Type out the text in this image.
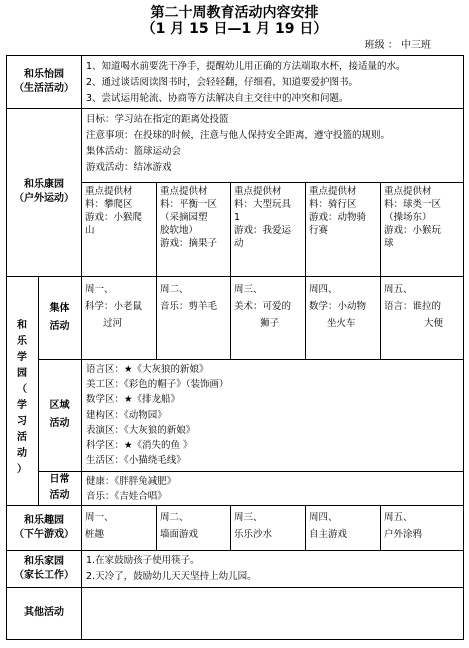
第二十周教育活动内容安排
（1 月 15 日—1 月 19 日）
班级 ： 中三班
和乐怡园
（生活活动）
1、知道喝水前要洗干净手，提醒幼儿用正确的方法端取水杯，接适量的水。
2、通过谈话阅读图书时，会轻轻翻，仔细看，知道要爱护图书。
3、尝试运用轮流、协商等方法解决自主交往中的冲突和问题。
和乐康园
（户外运动）
目标：学习站在指定的距离处投篮
注意事项：在投球的时候，注意与他人保持安全距离，遵守投篮的规则。
集体活动：篮球运动会
游戏活动：结冰游戏
重点提供材
料：攀爬区
游戏：小猴爬
山
重点提供材
料：平衡一区
（采摘园塑
胶软地）
游戏：摘果子
重点提供材
料：大型玩具
1
游戏：我爱运
动
重点提供材
料：骑行区
游戏：动物骑
行赛
重点提供材
料：球类一区
（操场东）
游戏：小猴玩
球
和
乐
学
园
（
学
习
活
动
）
集体
活动
周一、
科学：小老鼠
过河
周二、
音乐：剪羊毛
周三、
美术：可爱的
狮子
周四、
数学：小动物
坐火车
周五、
语言：谁拉的
大便
区域
活动
语言区：★《大灰狼的新娘》
美工区：《彩色的帽子》（装饰画）
数学区：★《排龙船》
建构区：《动物园》
表演区：《大灰狼的新娘》
科学区：★《消失的鱼 》
生活区：《小猫绕毛线》
日常
活动
健康：《胖胖兔减肥》
音乐：《吉娃合唱》
和乐趣园
（下午游戏）
周一、
桩趣
周二、
墙面游戏
周三、
乐乐沙水
周四、
自主游戏
周五、
户外涂鸦
和乐家园
（家长工作）
1.在家鼓励孩子使用筷子。
2.天冷了，鼓励幼儿天天坚持上幼儿园。
其他活动
